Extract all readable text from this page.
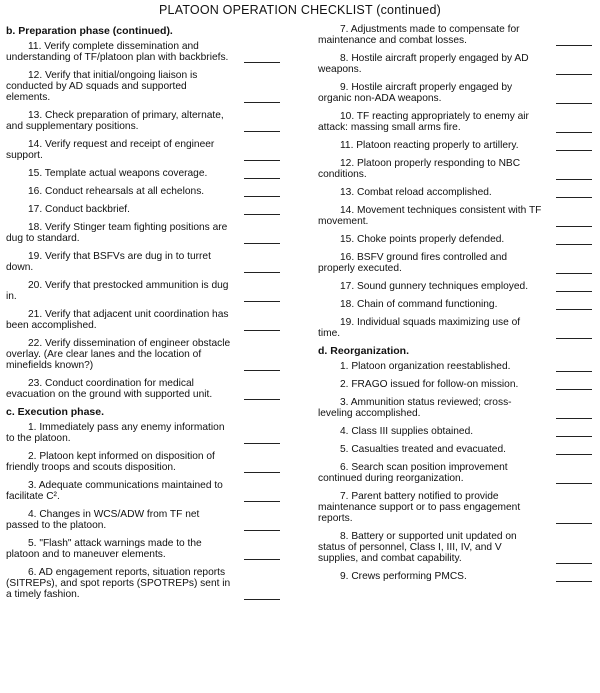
PLATOON OPERATION CHECKLIST (continued)
b. Preparation phase (continued).
11. Verify complete dissemination and understanding of TF/platoon plan with backbriefs.
12. Verify that initial/ongoing liaison is conducted by AD squads and supported elements.
13. Check preparation of primary, alternate, and supplementary positions.
14. Verify request and receipt of engineer support.
15. Template actual weapons coverage.
16. Conduct rehearsals at all echelons.
17. Conduct backbrief.
18. Verify Stinger team fighting positions are dug to standard.
19. Verify that BSFVs are dug in to turret down.
20. Verify that prestocked ammunition is dug in.
21. Verify that adjacent unit coordination has been accomplished.
22. Verify dissemination of engineer obstacle overlay. (Are clear lanes and the location of minefields known?)
23. Conduct coordination for medical evacuation on the ground with supported unit.
c. Execution phase.
1. Immediately pass any enemy information to the platoon.
2. Platoon kept informed on disposition of friendly troops and scouts disposition.
3. Adequate communications maintained to facilitate C².
4. Changes in WCS/ADW from TF net passed to the platoon.
5. "Flash" attack warnings made to the platoon and to maneuver elements.
6. AD engagement reports, situation reports (SITREPs), and spot reports (SPOTREPs) sent in a timely fashion.
7. Adjustments made to compensate for maintenance and combat losses.
8. Hostile aircraft properly engaged by AD weapons.
9. Hostile aircraft properly engaged by organic non-ADA weapons.
10. TF reacting appropriately to enemy air attack: massing small arms fire.
11. Platoon reacting properly to artillery.
12. Platoon properly responding to NBC conditions.
13. Combat reload accomplished.
14. Movement techniques consistent with TF movement.
15. Choke points properly defended.
16. BSFV ground fires controlled and properly executed.
17. Sound gunnery techniques employed.
18. Chain of command functioning.
19. Individual squads maximizing use of time.
d. Reorganization.
1. Platoon organization reestablished.
2. FRAGO issued for follow-on mission.
3. Ammunition status reviewed; cross-leveling accomplished.
4. Class III supplies obtained.
5. Casualties treated and evacuated.
6. Search scan position improvement continued during reorganization.
7. Parent battery notified to provide maintenance support or to pass engagement reports.
8. Battery or supported unit updated on status of personnel, Class I, III, IV, and V supplies, and combat capability.
9. Crews performing PMCS.
